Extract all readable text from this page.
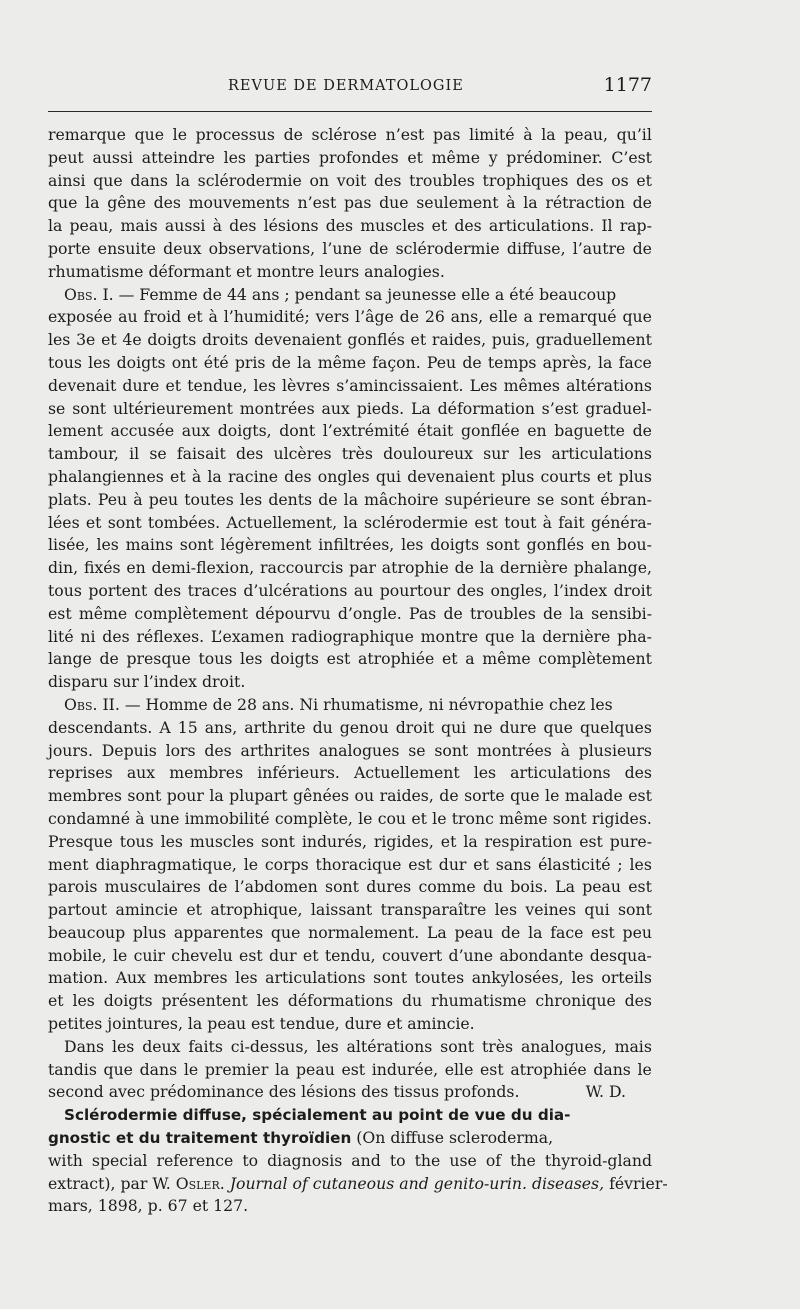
REVUE DE DERMATOLOGIE	1177
remarque que le processus de sclérose n’est pas limité à la peau, qu’il
peut aussi atteindre les parties profondes et même y prédominer. C’est
ainsi que dans la sclérodermie on voit des troubles trophiques des os et
que la gêne des mouvements n’est pas due seulement à la rétraction de
la peau, mais aussi à des lésions des muscles et des articulations. Il rap-
porte ensuite deux observations, l’une de sclérodermie diffuse, l’autre de
rhumatisme déformant et montre leurs analogies.
Obs. I. — Femme de 44 ans ; pendant sa jeunesse elle a été beaucoup
exposée au froid et à l’humidité; vers l’âge de 26 ans, elle a remarqué que
les 3e et 4e doigts droits devenaient gonflés et raides, puis, graduellement
tous les doigts ont été pris de la même façon. Peu de temps après, la face
devenait dure et tendue, les lèvres s’amincissaient. Les mêmes altérations
se sont ultérieurement montrées aux pieds. La déformation s’est graduel-
lement accusée aux doigts, dont l’extrémité était gonflée en baguette de
tambour, il se faisait des ulcères très douloureux sur les articulations
phalangiennes et à la racine des ongles qui devenaient plus courts et plus
plats. Peu à peu toutes les dents de la mâchoire supérieure se sont ébran-
lées et sont tombées. Actuellement, la sclérodermie est tout à fait généra-
lisée, les mains sont légèrement infiltrées, les doigts sont gonflés en bou-
din, fixés en demi-flexion, raccourcis par atrophie de la dernière phalange,
tous portent des traces d’ulcérations au pourtour des ongles, l’index droit
est même complètement dépourvu d’ongle. Pas de troubles de la sensibi-
lité ni des réflexes. L’examen radiographique montre que la dernière pha-
lange de presque tous les doigts est atrophiée et a même complètement
disparu sur l’index droit.
Obs. II. — Homme de 28 ans. Ni rhumatisme, ni névropathie chez les
descendants. A 15 ans, arthrite du genou droit qui ne dure que quelques
jours. Depuis lors des arthrites analogues se sont montrées à plusieurs
reprises aux membres inférieurs. Actuellement les articulations des
membres sont pour la plupart gênées ou raides, de sorte que le malade est
condamné à une immobilité complète, le cou et le tronc même sont rigides.
Presque tous les muscles sont indurés, rigides, et la respiration est pure-
ment diaphragmatique, le corps thoracique est dur et sans élasticité ; les
parois musculaires de l’abdomen sont dures comme du bois. La peau est
partout amincie et atrophique, laissant transparaître les veines qui sont
beaucoup plus apparentes que normalement. La peau de la face est peu
mobile, le cuir chevelu est dur et tendu, couvert d’une abondante desqua-
mation. Aux membres les articulations sont toutes ankylosées, les orteils
et les doigts présentent les déformations du rhumatisme chronique des
petites jointures, la peau est tendue, dure et amincie.
Dans les deux faits ci-dessus, les altérations sont très analogues, mais
tandis que dans le premier la peau est indurée, elle est atrophiée dans le
second avec prédominance des lésions des tissus profonds.	W. D.
Sclérodermie diffuse, spécialement au point de vue du dia-
gnostic et du traitement thyroïdien (On diffuse scleroderma,
with special reference to diagnosis and to the use of the thyroid-gland
extract), par W. Osler.
Journal of cutaneous and genito-urin. diseases, février-
mars, 1898, p. 67 et 127.
